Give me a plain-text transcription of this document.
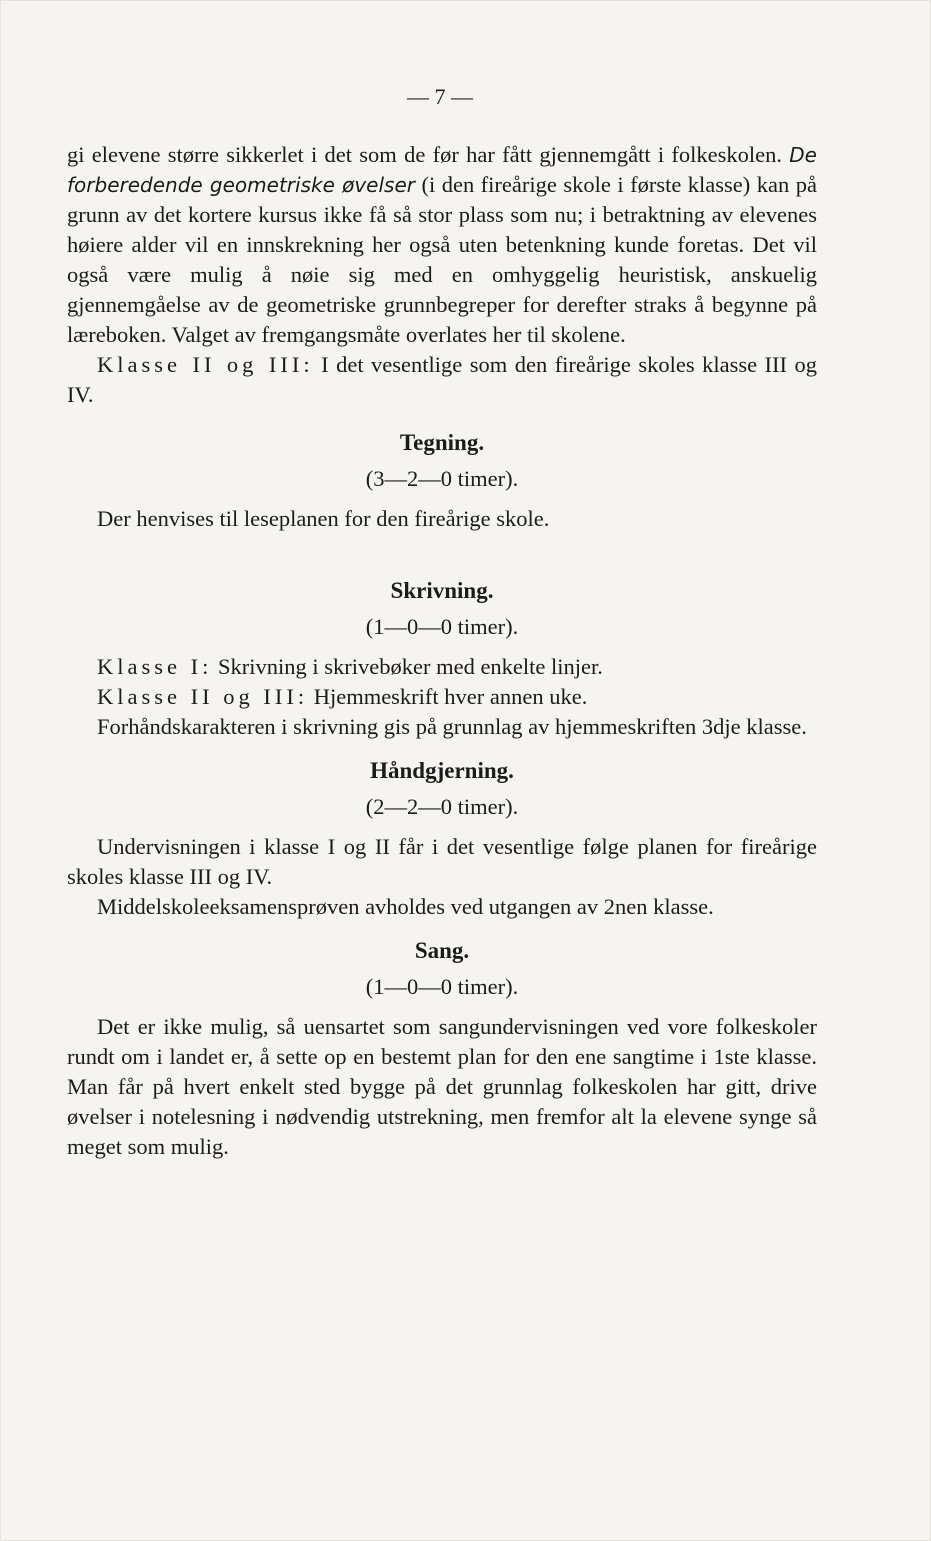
— 7 —

gi elevene større sikkerlet i det som de før har fått gjennemgått i folkeskolen. De forberedende geometriske øvelser (i den fireårige skole i første klasse) kan på grunn av det kortere kursus ikke få så stor plass som nu; i betraktning av elevenes høiere alder vil en innskrekning her også uten betenkning kunde foretas. Det vil også være mulig å nøie sig med en omhyggelig heuristisk, anskuelig gjennemgåelse av de geometriske grunnbegreper for derefter straks å begynne på læreboken. Valget av fremgangsmåte overlates her til skolene.

Klasse II og III: I det vesentlige som den fireårige skoles klasse III og IV.

Tegning.
(3—2—0 timer).

Der henvises til leseplanen for den fireårige skole.

Skrivning.
(1—0—0 timer).

Klasse I: Skrivning i skrivebøker med enkelte linjer.

Klasse II og III: Hjemmeskrift hver annen uke.

Forhåndskarakteren i skrivning gis på grunnlag av hjemmeskriften 3dje klasse.

Håndgjerning.
(2—2—0 timer).

Undervisningen i klasse I og II får i det vesentlige følge planen for fireårige skoles klasse III og IV.

Middelskoleeksamensprøven avholdes ved utgangen av 2nen klasse.

Sang.
(1—0—0 timer).

Det er ikke mulig, så uensartet som sangundervisningen ved vore folkeskoler rundt om i landet er, å sette op en bestemt plan for den ene sangtime i 1ste klasse. Man får på hvert enkelt sted bygge på det grunnlag folkeskolen har gitt, drive øvelser i notelesning i nødvendig utstrekning, men fremfor alt la elevene synge så meget som mulig.
